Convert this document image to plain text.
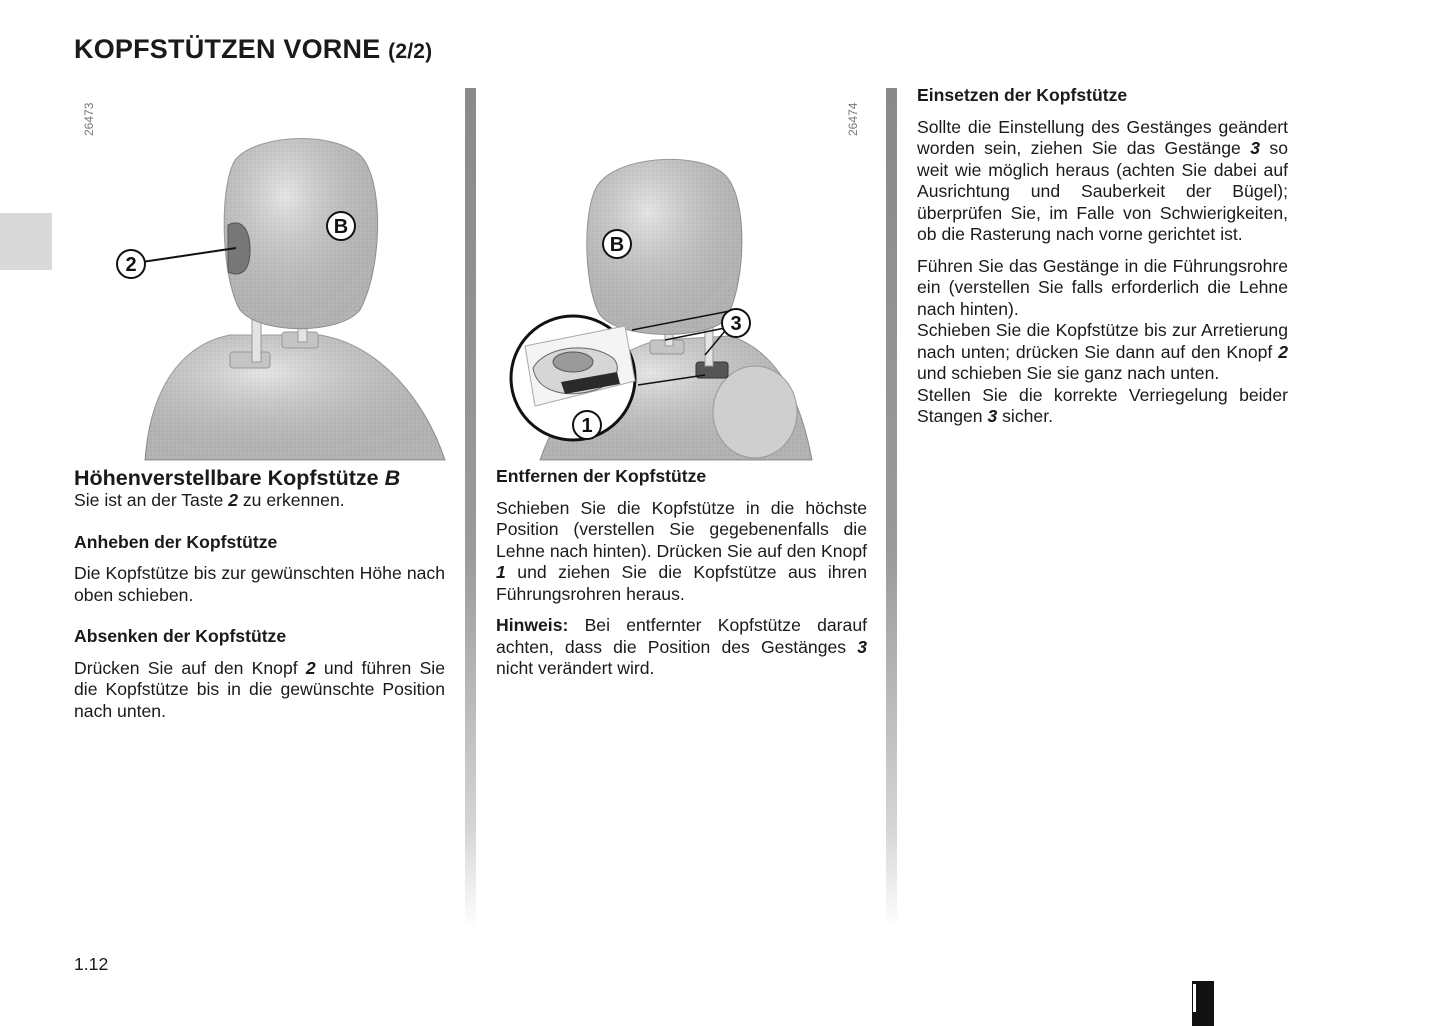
KOPFSTÜTZEN VORNE (2/2)
26473
2
B
26474
B
3
1
Höhenverstellbare Kopfstütze B

Sie ist an der Taste 2 zu erkennen.

Anheben der Kopfstütze

Die Kopfstütze bis zur gewünschten Höhe nach oben schieben.

Absenken der Kopfstütze

Drücken Sie auf den Knopf 2 und führen Sie die Kopfstütze bis in die gewünschte Position nach unten.

Entfernen der Kopfstütze

Schieben Sie die Kopfstütze in die höchste Position (verstellen Sie gegebenenfalls die Lehne nach hinten). Drücken Sie auf den Knopf 1 und ziehen Sie die Kopfstütze aus ihren Führungsrohren heraus.

Hinweis: Bei entfernter Kopfstütze darauf achten, dass die Position des Gestänges 3 nicht verändert wird.

Einsetzen der Kopfstütze

Sollte die Einstellung des Gestänges geändert worden sein, ziehen Sie das Gestänge 3 so weit wie möglich heraus (achten Sie dabei auf Ausrichtung und Sauberkeit der Bügel); überprüfen Sie, im Falle von Schwierigkeiten, ob die Rasterung nach vorne gerichtet ist.

Führen Sie das Gestänge in die Führungsrohre ein (verstellen Sie falls erforderlich die Lehne nach hinten).

Schieben Sie die Kopfstütze bis zur Arretierung nach unten; drücken Sie dann auf den Knopf 2 und schieben Sie sie ganz nach unten.

Stellen Sie die korrekte Verriegelung beider Stangen 3 sicher.

1.12
